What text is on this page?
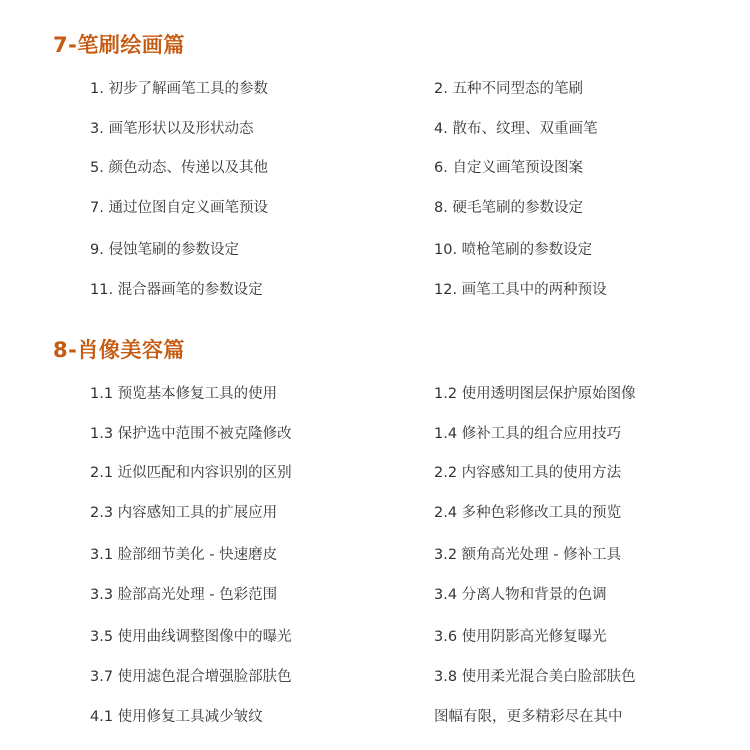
7-笔刷绘画篇
1. 初步了解画笔工具的参数	2. 五种不同型态的笔刷
3. 画笔形状以及形状动态	4. 散布、纹理、双重画笔
5. 颜色动态、传递以及其他	6. 自定义画笔预设图案
7. 通过位图自定义画笔预设	8. 硬毛笔刷的参数设定
9. 侵蚀笔刷的参数设定	10. 喷枪笔刷的参数设定
11. 混合器画笔的参数设定	12. 画笔工具中的两种预设
8-肖像美容篇
1.1 预览基本修复工具的使用	1.2 使用透明图层保护原始图像
1.3 保护选中范围不被克隆修改	1.4 修补工具的组合应用技巧
2.1 近似匹配和内容识别的区别	2.2 内容感知工具的使用方法
2.3 内容感知工具的扩展应用	2.4 多种色彩修改工具的预览
3.1 脸部细节美化 - 快速磨皮	3.2 额角高光处理 - 修补工具
3.3 脸部高光处理 - 色彩范围	3.4 分离人物和背景的色调
3.5 使用曲线调整图像中的曝光	3.6 使用阴影高光修复曝光
3.7 使用滤色混合增强脸部肤色	3.8 使用柔光混合美白脸部肤色
4.1 使用修复工具减少皱纹	图幅有限，更多精彩尽在其中
